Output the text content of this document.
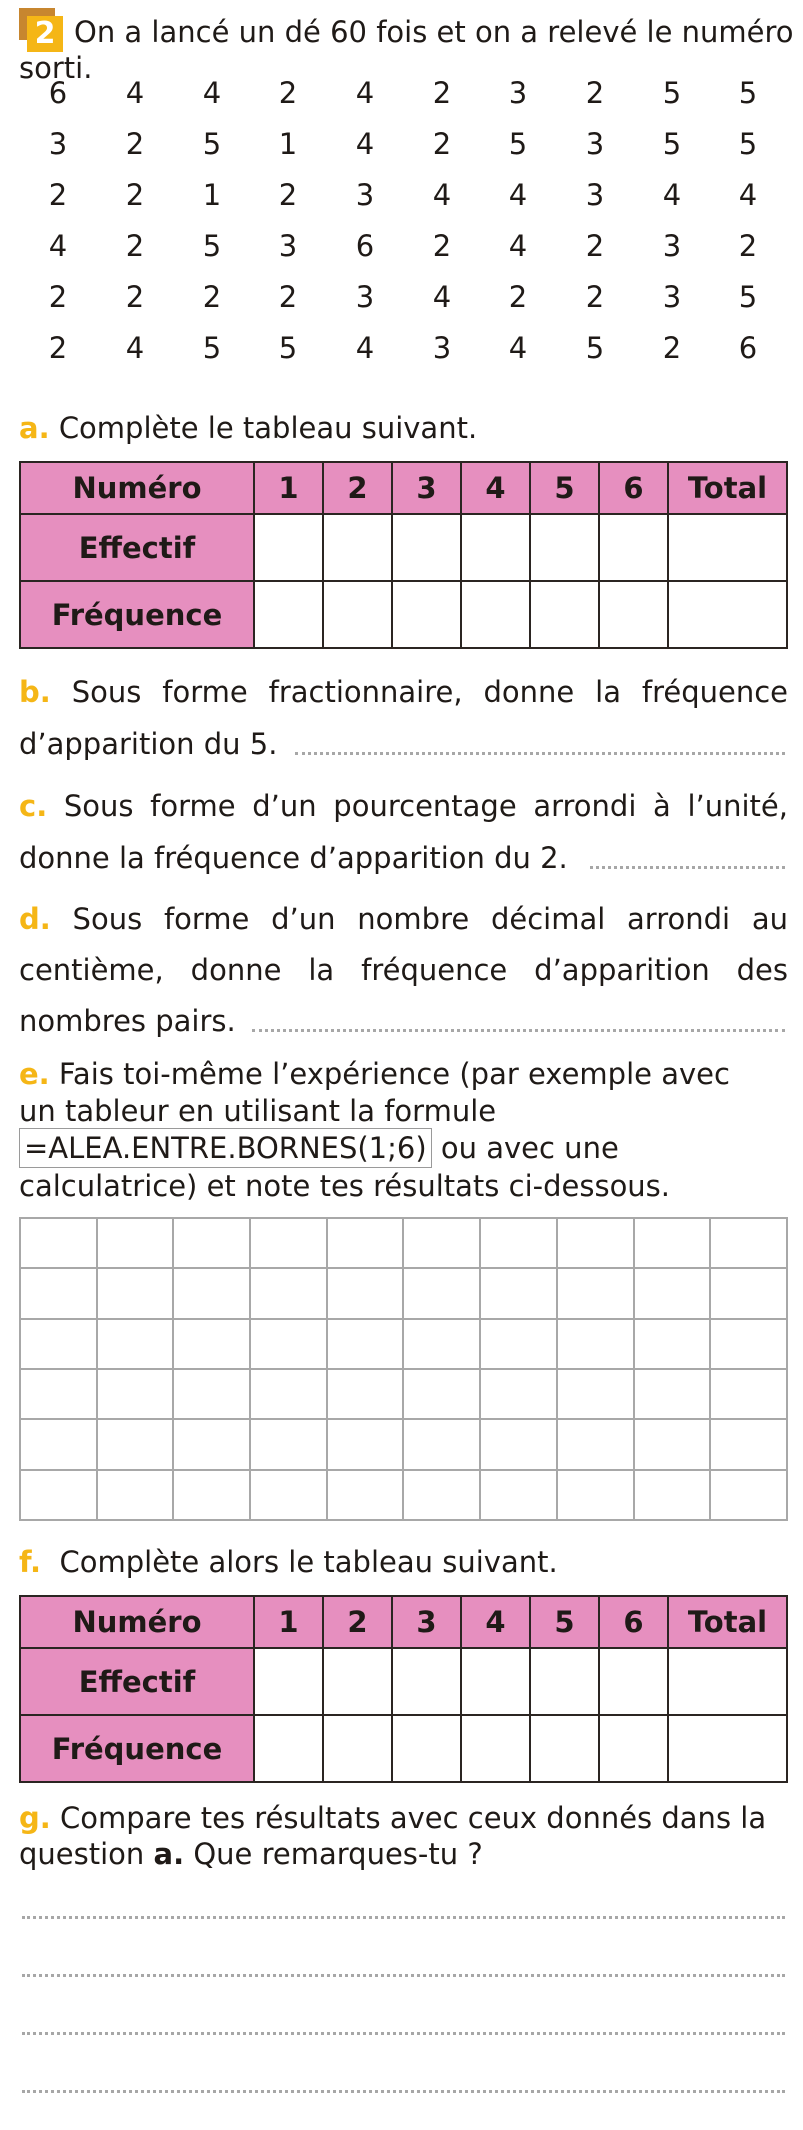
2 On a lancé un dé 60 fois et on a relevé le numéro
sorti.
6	4	4	2	4	2	3	2	5	5
3	2	5	1	4	2	5	3	5	5
2	2	1	2	3	4	4	3	4	4
4	2	5	3	6	2	4	2	3	2
2	2	2	2	3	4	2	2	3	5
2	4	5	5	4	3	4	5	2	6
a. Complète le tableau suivant.
Numéro	1	2	3	4	5	6	Total
Effectif							
Fréquence							
b. Sous forme fractionnaire, donne la fréquence
d’apparition du 5.
c. Sous forme d’un pourcentage arrondi à l’unité,
donne la fréquence d’apparition du 2.
d. Sous forme d’un nombre décimal arrondi au
centième, donne la fréquence d’apparition des
nombres pairs.
e. Fais toi-même l’expérience (par exemple avec
un tableur en utilisant la formule
=ALEA.ENTRE.BORNES(1;6) ou avec une
calculatrice) et note tes résultats ci-dessous.

f. Complète alors le tableau suivant.
Numéro	1	2	3	4	5	6	Total
Effectif							
Fréquence							
g. Compare tes résultats avec ceux donnés dans la
question a. Que remarques-tu ?
